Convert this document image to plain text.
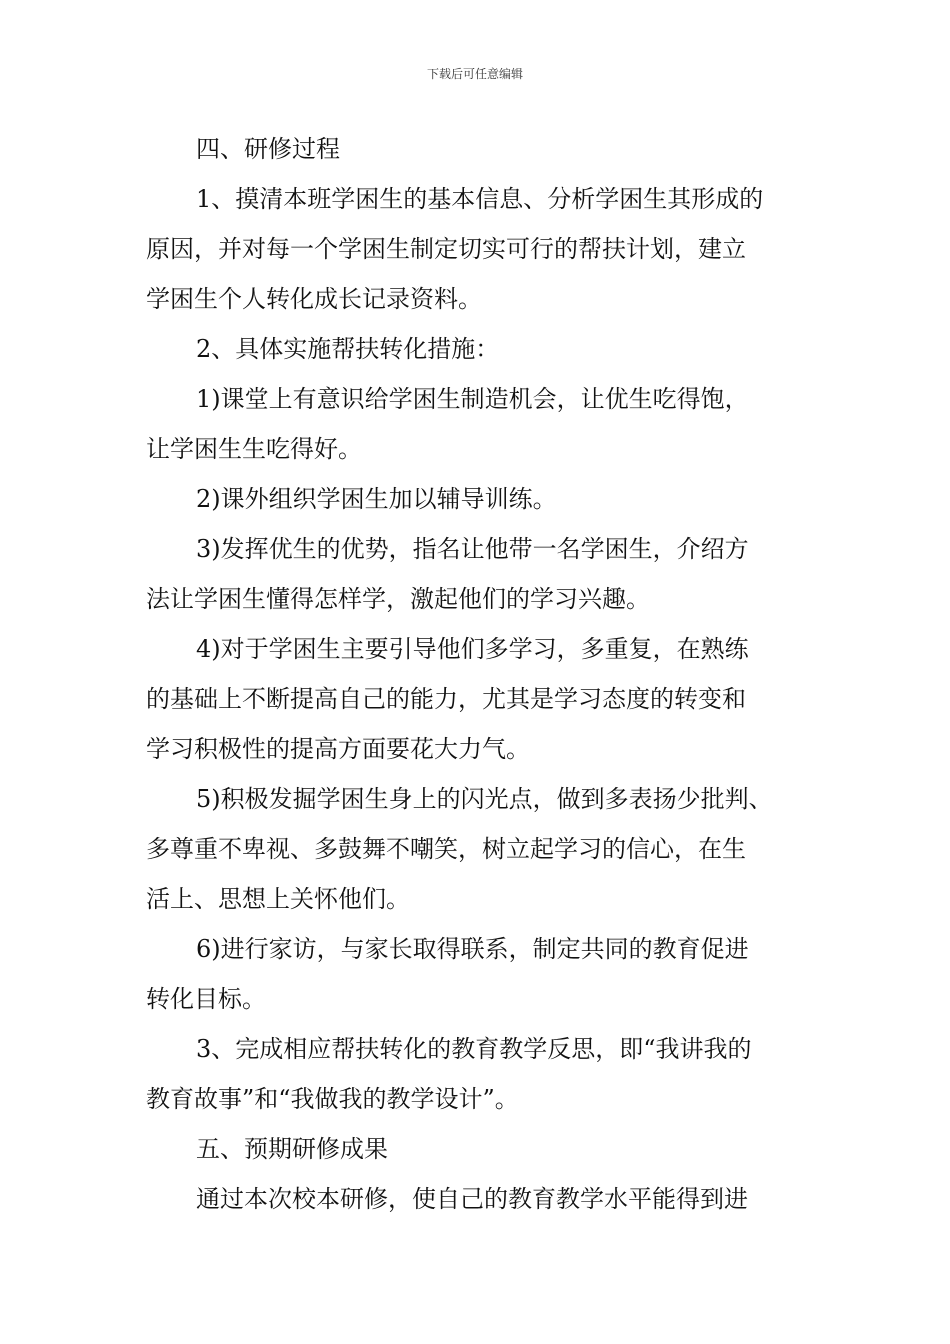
下载后可任意编辑

四、研修过程

1、摸清本班学困生的基本信息、分析学困生其形成的
原因，并对每一个学困生制定切实可行的帮扶计划，建立
学困生个人转化成长记录资料。

2、具体实施帮扶转化措施：

1)课堂上有意识给学困生制造机会，让优生吃得饱，
让学困生生吃得好。

2)课外组织学困生加以辅导训练。

3)发挥优生的优势，指名让他带一名学困生，介绍方
法让学困生懂得怎样学，激起他们的学习兴趣。

4)对于学困生主要引导他们多学习，多重复，在熟练
的基础上不断提高自己的能力，尤其是学习态度的转变和
学习积极性的提高方面要花大力气。

5)积极发掘学困生身上的闪光点，做到多表扬少批判、
多尊重不卑视、多鼓舞不嘲笑，树立起学习的信心，在生
活上、思想上关怀他们。

6)进行家访，与家长取得联系，制定共同的教育促进
转化目标。

3、完成相应帮扶转化的教育教学反思，即“我讲我的
教育故事”和“我做我的教学设计”。

五、预期研修成果

通过本次校本研修，使自己的教育教学水平能得到进
